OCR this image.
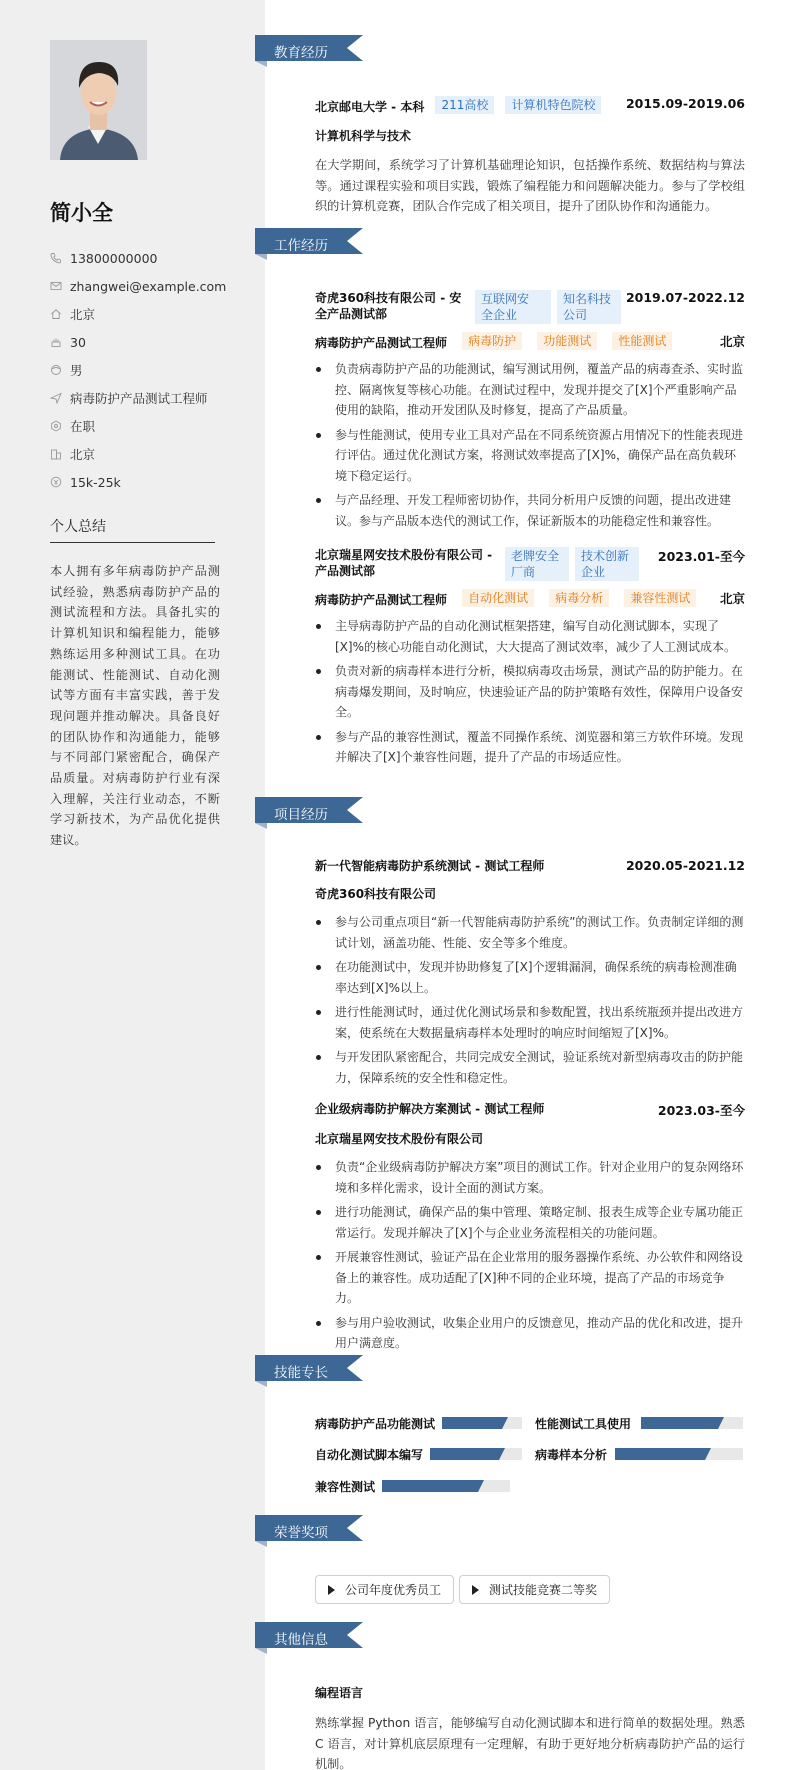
简小全
13800000000
zhangwei@example.com
北京
30
男
病毒防护产品测试工程师
在职
北京
15k-25k
个人总结
本人拥有多年病毒防护产品测试经验，熟悉病毒防护产品的测试流程和方法。具备扎实的计算机知识和编程能力，能够熟练运用多种测试工具。在功能测试、性能测试、自动化测试等方面有丰富实践，善于发现问题并推动解决。具备良好的团队协作和沟通能力，能够与不同部门紧密配合，确保产品质量。对病毒防护行业有深入理解，关注行业动态，不断学习新技术，为产品优化提供建议。
教育经历
工作经历
项目经历
技能专长
荣誉奖项
其他信息
北京邮电大学 - 本科 211高校 计算机特色院校	2015.09-2019.06
计算机科学与技术
在大学期间，系统学习了计算机基础理论知识，包括操作系统、数据结构与算法等。通过课程实验和项目实践，锻炼了编程能力和问题解决能力。参与了学校组织的计算机竞赛，团队合作完成了相关项目，提升了团队协作和沟通能力。
奇虎360科技有限公司 - 安
全产品测试部
互联网安
全企业
知名科技
公司
2019.07-2022.12
病毒防护产品测试工程师 病毒防护 功能测试 性能测试	北京
负责病毒防护产品的功能测试，编写测试用例，覆盖产品的病毒查杀、实时监控、隔离恢复等核心功能。在测试过程中，发现并提交了[X]个严重影响产品使用的缺陷，推动开发团队及时修复，提高了产品质量。
参与性能测试，使用专业工具对产品在不同系统资源占用情况下的性能表现进行评估。通过优化测试方案，将测试效率提高了[X]%，确保产品在高负载环境下稳定运行。
与产品经理、开发工程师密切协作，共同分析用户反馈的问题，提出改进建议。参与产品版本迭代的测试工作，保证新版本的功能稳定性和兼容性。
北京瑞星网安技术股份有限公司 -
产品测试部
老牌安全
厂商
技术创新
企业
2023.01-至今
病毒防护产品测试工程师 自动化测试 病毒分析 兼容性测试	北京
主导病毒防护产品的自动化测试框架搭建，编写自动化测试脚本，实现了[X]%的核心功能自动化测试，大大提高了测试效率，减少了人工测试成本。
负责对新的病毒样本进行分析，模拟病毒攻击场景，测试产品的防护能力。在病毒爆发期间，及时响应，快速验证产品的防护策略有效性，保障用户设备安全。
参与产品的兼容性测试，覆盖不同操作系统、浏览器和第三方软件环境。发现并解决了[X]个兼容性问题，提升了产品的市场适应性。
新一代智能病毒防护系统测试 - 测试工程师	2020.05-2021.12
奇虎360科技有限公司
参与公司重点项目“新一代智能病毒防护系统”的测试工作。负责制定详细的测试计划，涵盖功能、性能、安全等多个维度。
在功能测试中，发现并协助修复了[X]个逻辑漏洞，确保系统的病毒检测准确率达到[X]%以上。
进行性能测试时，通过优化测试场景和参数配置，找出系统瓶颈并提出改进方案，使系统在大数据量病毒样本处理时的响应时间缩短了[X]%。
与开发团队紧密配合，共同完成安全测试，验证系统对新型病毒攻击的防护能力，保障系统的安全性和稳定性。
企业级病毒防护解决方案测试 - 测试工程师	2023.03-至今
北京瑞星网安技术股份有限公司
负责“企业级病毒防护解决方案”项目的测试工作。针对企业用户的复杂网络环境和多样化需求，设计全面的测试方案。
进行功能测试，确保产品的集中管理、策略定制、报表生成等企业专属功能正常运行。发现并解决了[X]个与企业业务流程相关的功能问题。
开展兼容性测试，验证产品在企业常用的服务器操作系统、办公软件和网络设备上的兼容性。成功适配了[X]种不同的企业环境，提高了产品的市场竞争力。
参与用户验收测试，收集企业用户的反馈意见，推动产品的优化和改进，提升用户满意度。
病毒防护产品功能测试	性能测试工具使用
自动化测试脚本编写	病毒样本分析
兼容性测试
公司年度优秀员工	测试技能竞赛二等奖
编程语言
熟练掌握 Python 语言，能够编写自动化测试脚本和进行简单的数据处理。熟悉 C 语言，对计算机底层原理有一定理解，有助于更好地分析病毒防护产品的运行机制。
